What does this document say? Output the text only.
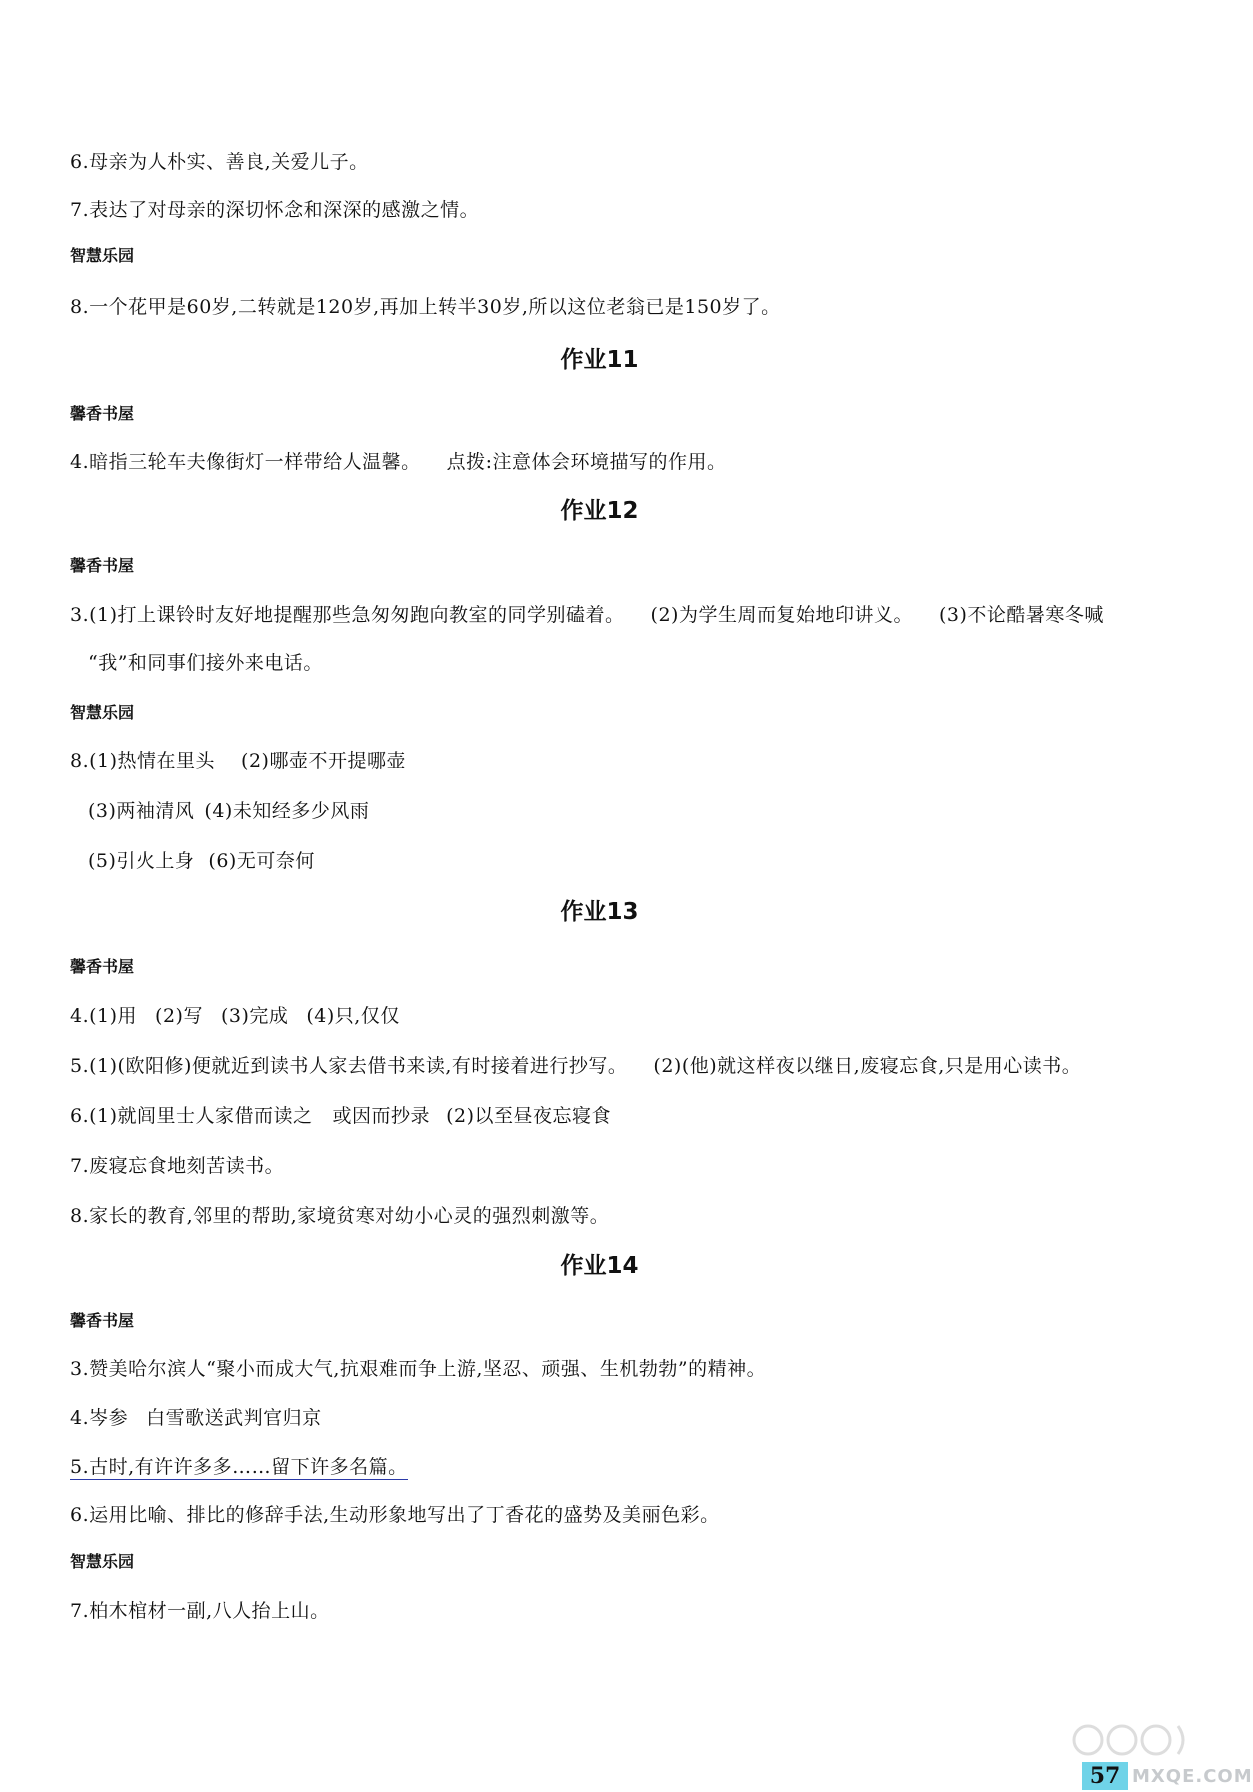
6.母亲为人朴实、善良,关爱儿子。
7.表达了对母亲的深切怀念和深深的感激之情。
智慧乐园
8.一个花甲是60岁,二转就是120岁,再加上转半30岁,所以这位老翁已是150岁了。
作业11
馨香书屋
4.暗指三轮车夫像街灯一样带给人温馨。 点拨:注意体会环境描写的作用。
作业12
馨香书屋
3.(1)打上课铃时友好地提醒那些急匆匆跑向教室的同学别磕着。 (2)为学生周而复始地印讲义。 (3)不论酷暑寒冬喊
“我”和同事们接外来电话。
智慧乐园
8.(1)热情在里头 (2)哪壶不开提哪壶
(3)两袖清风 (4)未知经多少风雨
(5)引火上身 (6)无可奈何
作业13
馨香书屋
4.(1)用 (2)写 (3)完成 (4)只,仅仅
5.(1)(欧阳修)便就近到读书人家去借书来读,有时接着进行抄写。 (2)(他)就这样夜以继日,废寝忘食,只是用心读书。
6.(1)就闾里士人家借而读之 或因而抄录 (2)以至昼夜忘寝食
7.废寝忘食地刻苦读书。
8.家长的教育,邻里的帮助,家境贫寒对幼小心灵的强烈刺激等。
作业14
馨香书屋
3.赞美哈尔滨人“聚小而成大气,抗艰难而争上游,坚忍、顽强、生机勃勃”的精神。
4.岑参 白雪歌送武判官归京
5.古时,有许许多多……留下许多名篇。
6.运用比喻、排比的修辞手法,生动形象地写出了丁香花的盛势及美丽色彩。
智慧乐园
7.柏木棺材一副,八人抬上山。
57 MXQE.COM
